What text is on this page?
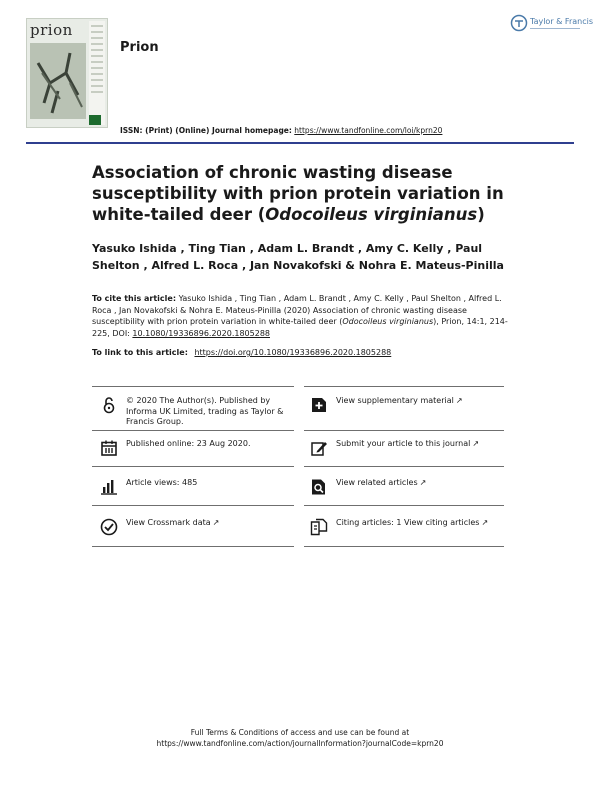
prion
Prion
Taylor & Francis
ISSN: (Print) (Online) Journal homepage: https://www.tandfonline.com/loi/kprn20
Association of chronic wasting disease susceptibility with prion protein variation in white-tailed deer (Odocoileus virginianus)

Yasuko Ishida , Ting Tian , Adam L. Brandt , Amy C. Kelly , Paul Shelton , Alfred L. Roca , Jan Novakofski & Nohra E. Mateus-Pinilla

To cite this article: Yasuko Ishida , Ting Tian , Adam L. Brandt , Amy C. Kelly , Paul Shelton , Alfred L. Roca , Jan Novakofski & Nohra E. Mateus-Pinilla (2020) Association of chronic wasting disease susceptibility with prion protein variation in white-tailed deer (Odocoileus virginianus), Prion, 14:1, 214-225, DOI: 10.1080/19336896.2020.1805288

To link to this article: https://doi.org/10.1080/19336896.2020.1805288
© 2020 The Author(s). Published by Informa UK Limited, trading as Taylor & Francis Group.
View supplementary material ↗
Published online: 23 Aug 2020.	Submit your article to this journal ↗
Article views: 485	View related articles ↗
View Crossmark data ↗	Citing articles: 1 View citing articles ↗
Full Terms & Conditions of access and use can be found at
https://www.tandfonline.com/action/journalInformation?journalCode=kprn20
